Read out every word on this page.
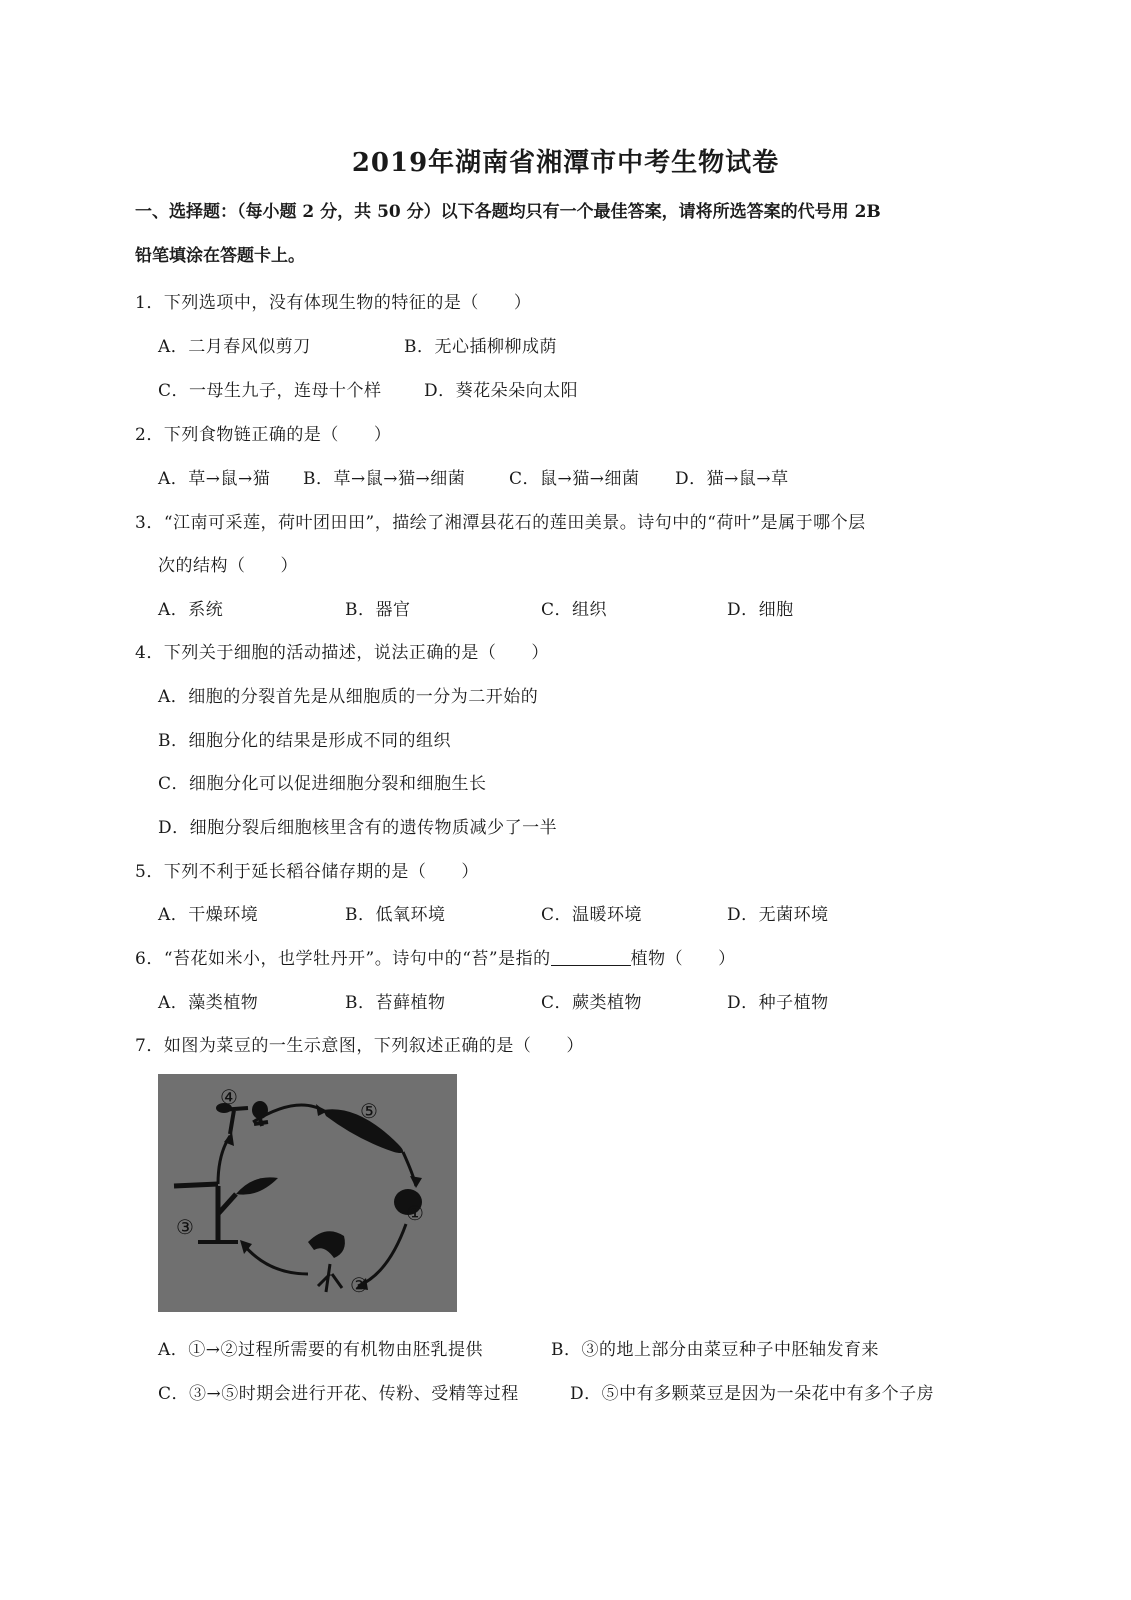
2019年湖南省湘潭市中考生物试卷
一、选择题：（每小题 2 分，共 50 分）以下各题均只有一个最佳答案，请将所选答案的代号用 2B
铅笔填涂在答题卡上。
1．下列选项中，没有体现生物的特征的是（　　）
A．二月春风似剪刀	B．无心插柳柳成荫
C．一母生九子，连母十个样 D．葵花朵朵向太阳
2．下列食物链正确的是（　　）
A．草→鼠→猫 B．草→鼠→猫→细菌	C．鼠→猫→细菌 D．猫→鼠→草
3．“江南可采莲，荷叶团田田”，描绘了湘潭县花石的莲田美景。诗句中的“荷叶”是属于哪个层
次的结构（　　）
A．系统	B．器官	C．组织	D．细胞
4．下列关于细胞的活动描述，说法正确的是（　　）
A．细胞的分裂首先是从细胞质的一分为二开始的
B．细胞分化的结果是形成不同的组织
C．细胞分化可以促进细胞分裂和细胞生长
D．细胞分裂后细胞核里含有的遗传物质减少了一半
5．下列不利于延长稻谷储存期的是（　　）
A．干燥环境	B．低氧环境	C．温暖环境	D．无菌环境
6．“苔花如米小，也学牡丹开”。诗句中的“苔”是指的	植物（　　）
A．藻类植物	B．苔藓植物	C．蕨类植物	D．种子植物
7．如图为菜豆的一生示意图，下列叙述正确的是（　　）
①
②
③
④
⑤
A．①→②过程所需要的有机物由胚乳提供	B．③的地上部分由菜豆种子中胚轴发育来
C．③→⑤时期会进行开花、传粉、受精等过程	D．⑤中有多颗菜豆是因为一朵花中有多个子房
